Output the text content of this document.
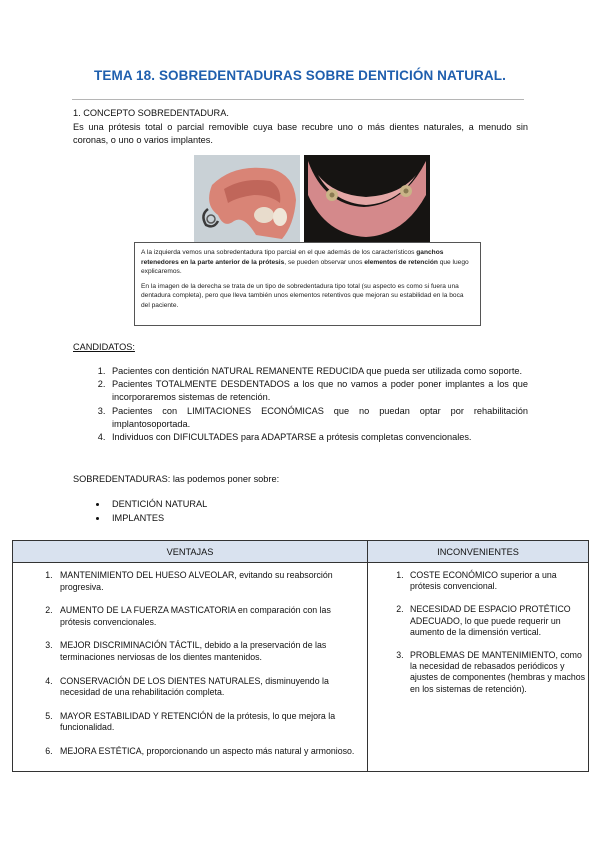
TEMA 18. SOBREDENTADURAS SOBRE DENTICIÓN NATURAL.
1. CONCEPTO SOBREDENTADURA.
Es una prótesis total o parcial removible cuya base recubre uno o más dientes naturales, a menudo sin coronas, o uno o varios implantes.

A la izquierda vemos una sobredentadura tipo parcial en el que además de los característicos ganchos retenedores en la parte anterior de la prótesis, se pueden observar unos elementos de retención que luego explicaremos.

En la imagen de la derecha se trata de un tipo de sobredentadura tipo total (su aspecto es como si fuera una dentadura completa), pero que lleva también unos elementos retentivos que mejoran su estabilidad en la boca del paciente.

CANDIDATOS:
1. Pacientes con dentición NATURAL REMANENTE REDUCIDA que pueda ser utilizada como soporte.
2. Pacientes TOTALMENTE DESDENTADOS a los que no vamos a poder poner implantes a los que incorporaremos sistemas de retención.
3. Pacientes con LIMITACIONES ECONÓMICAS que no puedan optar por rehabilitación implantosoportada.
4. Individuos con DIFICULTADES para ADAPTARSE a prótesis completas convencionales.
SOBREDENTADURAS: las podemos poner sobre:
• DENTICIÓN NATURAL
• IMPLANTES
VENTAJAS	INCONVENIENTES
1. MANTENIMIENTO DEL HUESO ALVEOLAR, evitando su reabsorción progresiva.
2. AUMENTO DE LA FUERZA MASTICATORIA en comparación con las prótesis convencionales.
3. MEJOR DISCRIMINACIÓN TÁCTIL, debido a la preservación de las terminaciones nerviosas de los dientes mantenidos.
4. CONSERVACIÓN DE LOS DIENTES NATURALES, disminuyendo la necesidad de una rehabilitación completa.
5. MAYOR ESTABILIDAD Y RETENCIÓN de la prótesis, lo que mejora la funcionalidad.
6. MEJORA ESTÉTICA, proporcionando un aspecto más natural y armonioso.
1. COSTE ECONÓMICO superior a una prótesis convencional.
2. NECESIDAD DE ESPACIO PROTÉTICO ADECUADO, lo que puede requerir un aumento de la dimensión vertical.
3. PROBLEMAS DE MANTENIMIENTO, como la necesidad de rebasados periódicos y ajustes de componentes (hembras y machos en los sistemas de retención).
